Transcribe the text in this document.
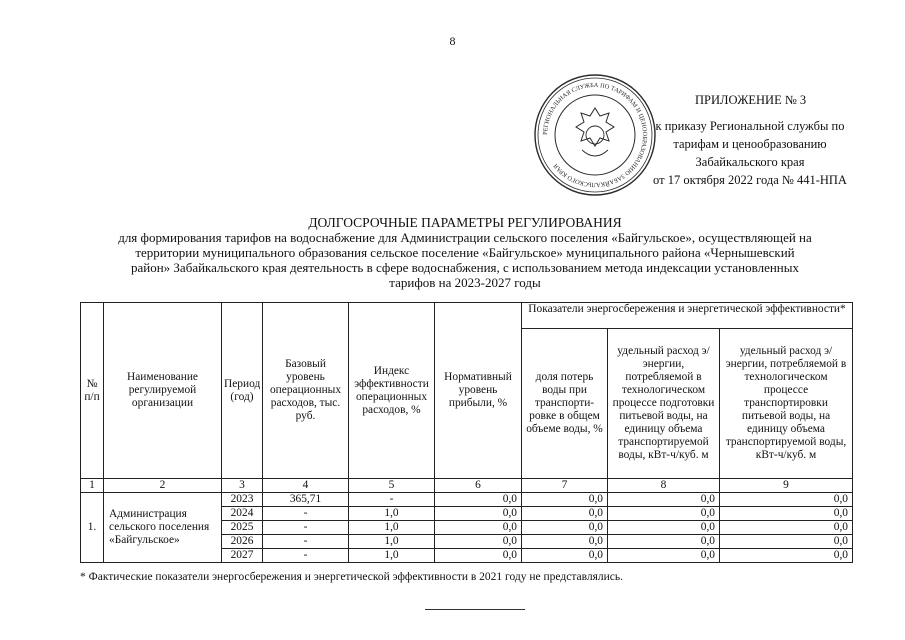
8
РЕГИОНАЛЬНАЯ СЛУЖБА ПО ТАРИФАМ И ЦЕНООБРАЗОВАНИЮ ЗАБАЙКАЛЬСКОГО КРАЯ
ПРИЛОЖЕНИЕ № 3
к приказу Региональной службы по
тарифам и ценообразованию
Забайкальского края
от 17 октября 2022 года № 441-НПА
ДОЛГОСРОЧНЫЕ ПАРАМЕТРЫ РЕГУЛИРОВАНИЯ
для формирования тарифов на водоснабжение для Администрации сельского поселения «Байгульское», осуществляющей на
территории муниципального образования сельское поселение «Байгульское» муниципального района «Чернышевский
район» Забайкальского края деятельность в сфере водоснабжения, с использованием метода индексации установленных
тарифов на 2023-2027 годы
№ п/п	Наименование регулируемой организации	Период (год)	Базовый уровень операционных расходов, тыс. руб.	Индекс эффективности операционных расходов, %	Нормативный уровень прибыли, %	Показатели энергосбережения и энергетической эффективности*		
						доля потерь воды при транспорти-ровке в общем объеме воды, %	удельный расход э/энергии, потребляемой в технологическом процессе подготовки питьевой воды, на единицу объема транспортируемой воды, кВт-ч/куб. м	удельный расход э/энергии, потребляемой в технологическом процессе транспортировки питьевой воды, на единицу объема транспортируемой воды, кВт-ч/куб. м
1	2	3	4	5	6	7	8	9
1.	Администрация сельского поселения «Байгульское»	2023	365,71	-	0,0	0,0	0,0	0,0
		2024	-	1,0	0,0	0,0	0,0	0,0
		2025	-	1,0	0,0	0,0	0,0	0,0
		2026	-	1,0	0,0	0,0	0,0	0,0
		2027	-	1,0	0,0	0,0	0,0	0,0
* Фактические показатели энергосбережения и энергетической эффективности в 2021 году не представлялись.
